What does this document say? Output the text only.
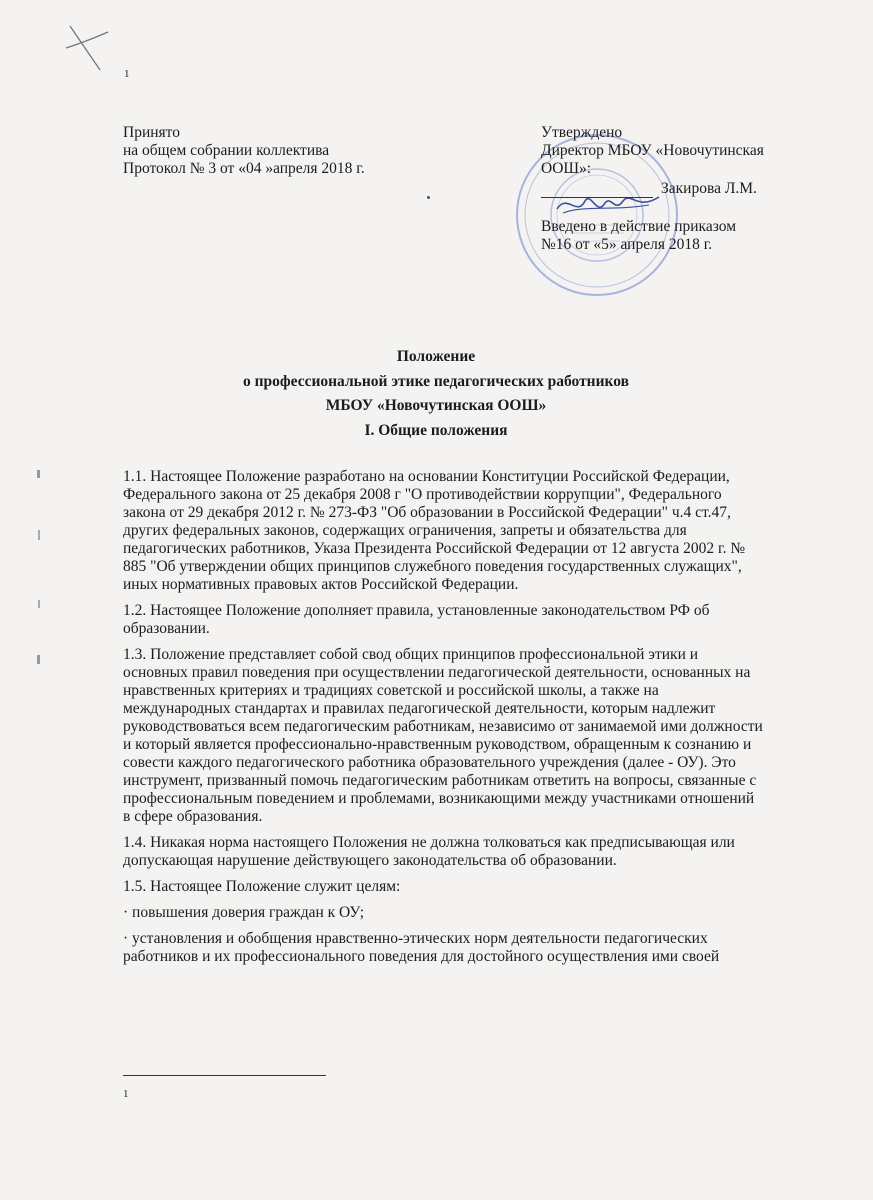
1
Принято
на общем собрании коллектива
Протокол № 3 от «04 »апреля 2018 г.
Утверждено
Директор МБОУ «Новочутинская
ООШ»:
Закирова Л.М.
Введено в действие приказом
№16 от «5» апреля 2018 г.
Положение
о профессиональной этике педагогических работников
МБОУ «Новочутинская ООШ»
I. Общие положения

1.1. Настоящее Положение разработано на основании Конституции Российской Федерации, Федерального закона от 25 декабря 2008 г "О противодействии коррупции", Федерального закона от 29 декабря 2012 г. № 273-ФЗ "Об образовании в Российской Федерации" ч.4 ст.47, других федеральных законов, содержащих ограничения, запреты и обязательства для педагогических работников, Указа Президента Российской Федерации от 12 августа 2002 г. № 885 "Об утверждении общих принципов служебного поведения государственных служащих", иных нормативных правовых актов Российской Федерации.

1.2. Настоящее Положение дополняет правила, установленные законодательством РФ об образовании.

1.3. Положение представляет собой свод общих принципов профессиональной этики и основных правил поведения при осуществлении педагогической деятельности, основанных на нравственных критериях и традициях советской и российской школы, а также на международных стандартах и правилах педагогической деятельности, которым надлежит руководствоваться всем педагогическим работникам, независимо от занимаемой ими должности и который является профессионально-нравственным руководством, обращенным к сознанию и совести каждого педагогического работника образовательного учреждения (далее - ОУ). Это инструмент, призванный помочь педагогическим работникам ответить на вопросы, связанные с профессиональным поведением и проблемами, возникающими между участниками отношений в сфере образования.

1.4. Никакая норма настоящего Положения не должна толковаться как предписывающая или допускающая нарушение действующего законодательства об образовании.

1.5. Настоящее Положение служит целям:

· повышения доверия граждан к ОУ;

· установления и обобщения нравственно-этических норм деятельности педагогических работников и их профессионального поведения для достойного осуществления ими своей

1
